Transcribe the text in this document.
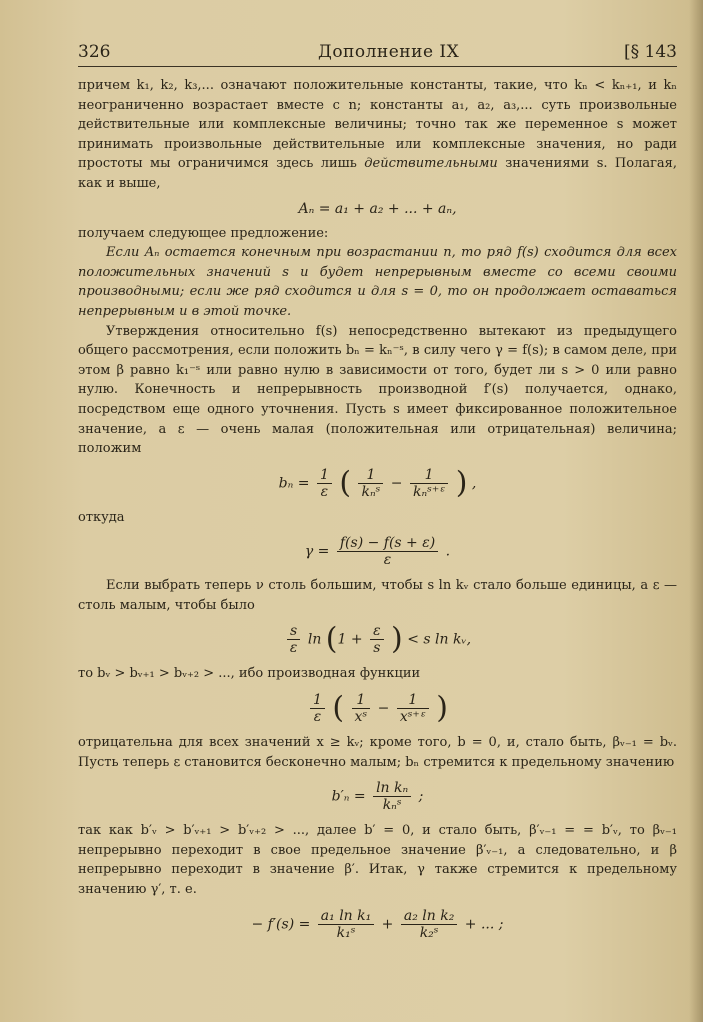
326	Дополнение IX	[§ 143

причем k₁, k₂, k₃,... означают положительные константы, такие, что kₙ < kₙ₊₁, и kₙ неограниченно возрастает вместе с n; константы a₁, a₂, a₃,... суть произвольные действительные или комплексные величины; точно так же переменное s может принимать произвольные действительные или комплексные значения, но ради простоты мы ограничимся здесь лишь действительными значениями s. Полагая, как и выше,

Aₙ = a₁ + a₂ + ... + aₙ,

получаем следующее предложение:

Если Aₙ остается конечным при возрастании n, то ряд f(s) сходится для всех положительных значений s и будет непрерывным вместе со всеми своими производными; если же ряд сходится и для s = 0, то он продолжает оставаться непрерывным и в этой точке.

Утверждения относительно f(s) непосредственно вытекают из предыдущего общего рассмотрения, если положить bₙ = kₙ⁻ˢ, в силу чего γ = f(s); в самом деле, при этом β равно k₁⁻ˢ или равно нулю в зависимости от того, будет ли s > 0 или равно нулю. Конечность и непрерывность производной f′(s) получается, однако, посредством еще одного уточнения. Пусть s имеет фиксированное положительное значение, а ε — очень малая (положительная или отрицательная) величина; положим

$b_n = \frac{1}{\varepsilon}$ ( $\frac{1}{\text{kₙˢ}} - \frac{1}{\text{kₙˢ⁺ᵋ}}$ ) ,

откуда

$\gamma = \frac{f(s) - f(s + \varepsilon)}{\varepsilon}$ .

Если выбрать теперь ν столь большим, чтобы s ln kᵥ стало больше единицы, а ε — столь малым, чтобы было

$\frac{s}{\varepsilon}$ $\ln (1 + \frac{\varepsilon}{s}$ ) < s ln kᵥ,

то bᵥ > bᵥ₊₁ > bᵥ₊₂ > ..., ибо производная функции

$\frac{1}{\varepsilon}$ ( $\frac{1}{\text{xˢ}} - \frac{1}{\text{xˢ⁺ᵋ}}$ )

отрицательна для всех значений x ≥ kᵥ; кроме того, b = 0, и, стало быть, βᵥ₋₁ = bᵥ. Пусть теперь ε становится бесконечно малым; bₙ стремится к предельному значению

$b'_n = \frac{\text{ln kₙ}}{\text{kₙˢ}}$ ;

так как b′ᵥ > b′ᵥ₊₁ > b′ᵥ₊₂ > ..., далее b′ = 0, и стало быть, β′ᵥ₋₁ = = b′ᵥ, то βᵥ₋₁ непрерывно переходит в свое предельное значение β′ᵥ₋₁, а следовательно, и β непрерывно переходит в значение β′. Итак, γ также стремится к предельному значению γ′, т. е.

− $f'(s) = \frac{\text{a₁ ln k₁}}{\text{k₁ˢ}} + \frac{\text{a₂ ln k₂}}{\text{k₂ˢ}}$ + ... ;
